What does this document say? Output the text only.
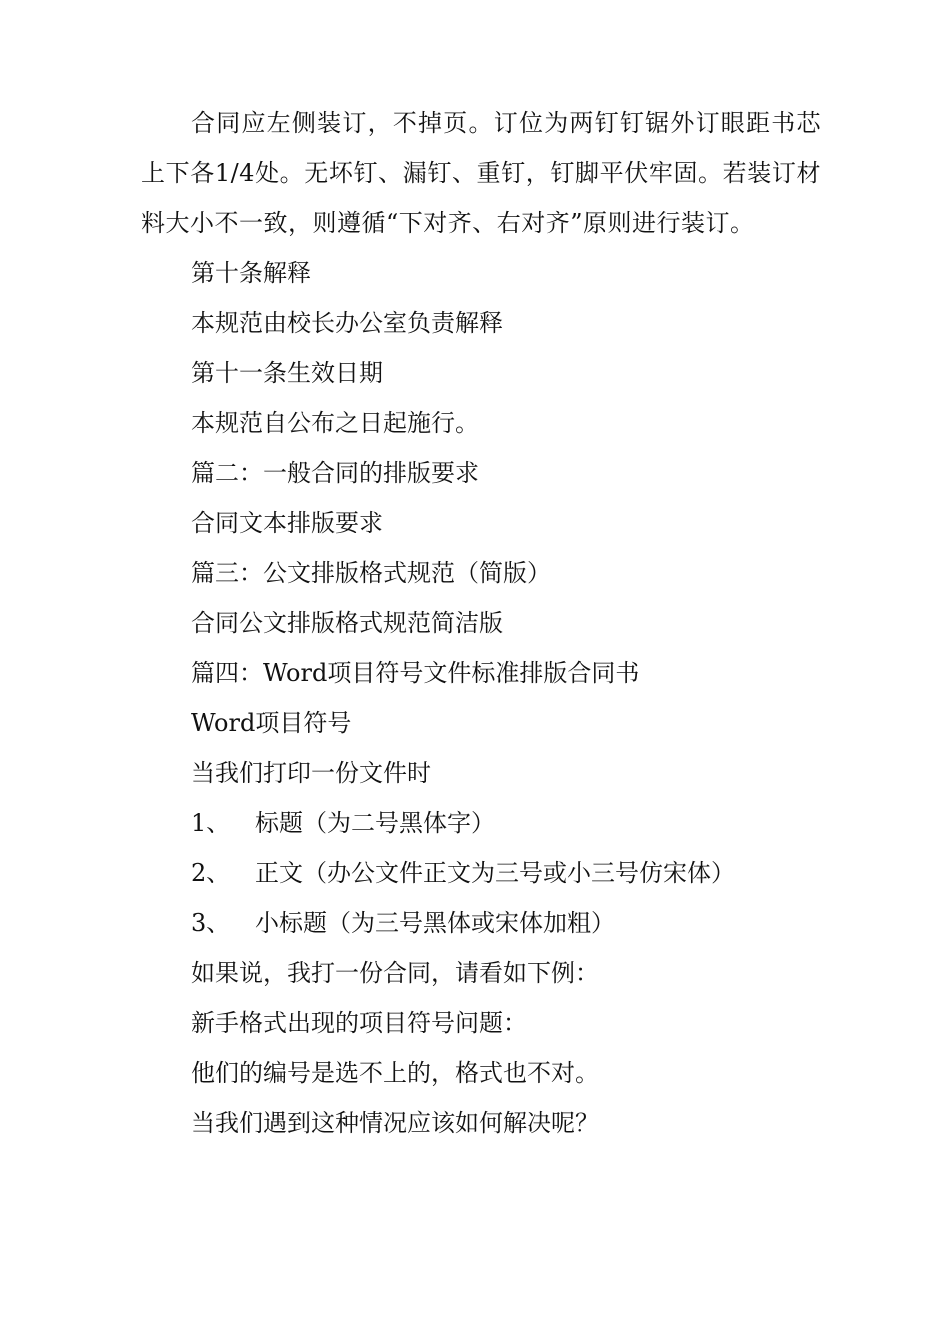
合同应左侧装订，不掉页。订位为两钉钉锯外订眼距书芯上下各1/4处。无坏钉、漏钉、重钉，钉脚平伏牢固。若装订材料大小不一致，则遵循“下对齐、右对齐”原则进行装订。

第十条解释

本规范由校长办公室负责解释

第十一条生效日期

本规范自公布之日起施行。

篇二：一般合同的排版要求

合同文本排版要求

篇三：公文排版格式规范（简版）

合同公文排版格式规范简洁版

篇四：Word项目符号文件标准排版合同书

Word项目符号

当我们打印一份文件时

1、 标题（为二号黑体字）

2、 正文（办公文件正文为三号或小三号仿宋体）

3、 小标题（为三号黑体或宋体加粗）

如果说，我打一份合同，请看如下例：

新手格式出现的项目符号问题：

他们的编号是选不上的，格式也不对。

当我们遇到这种情况应该如何解决呢？
